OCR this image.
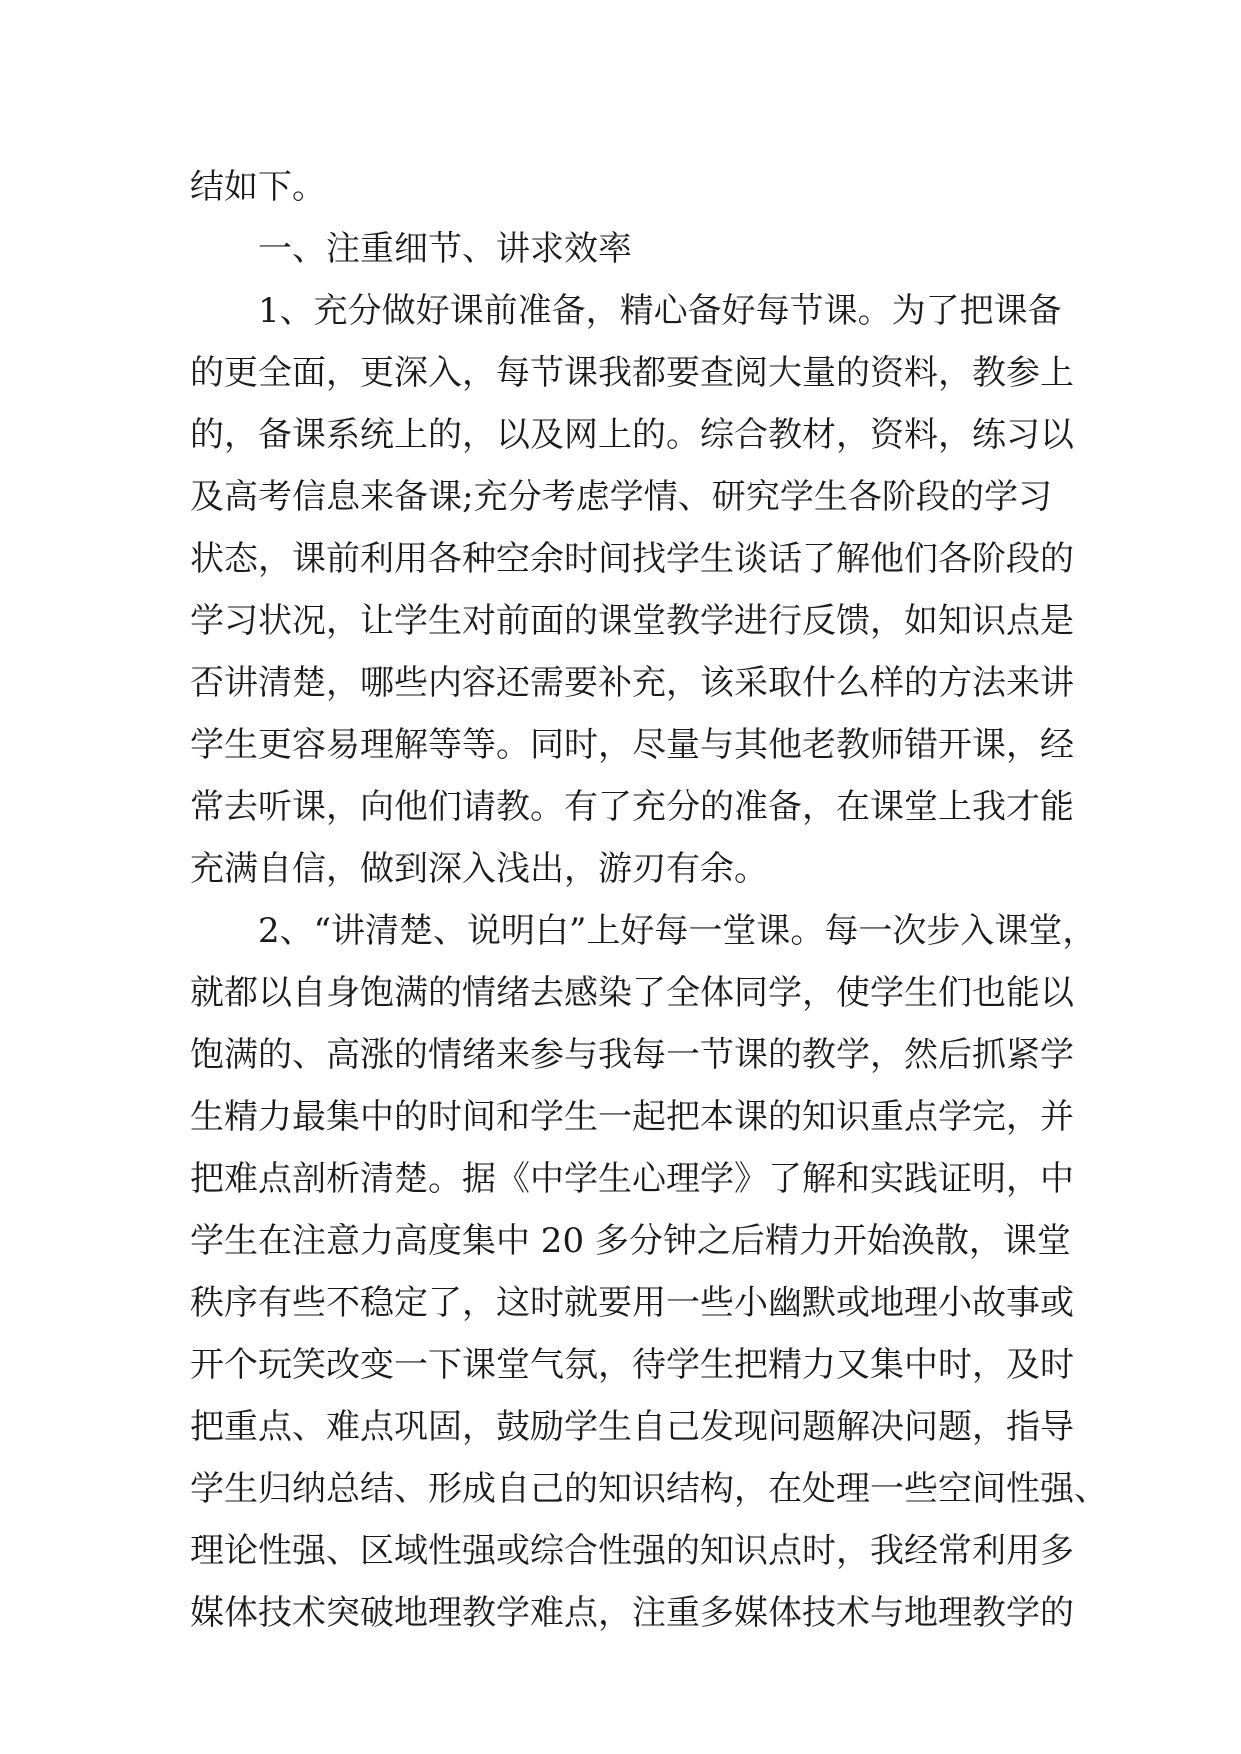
结如下。
一、注重细节、讲求效率
1、充分做好课前准备，精心备好每节课。为了把课备
的更全面，更深入，每节课我都要查阅大量的资料，教参上
的，备课系统上的，以及网上的。综合教材，资料，练习以
及高考信息来备课;充分考虑学情、研究学生各阶段的学习
状态，课前利用各种空余时间找学生谈话了解他们各阶段的
学习状况，让学生对前面的课堂教学进行反馈，如知识点是
否讲清楚，哪些内容还需要补充，该采取什么样的方法来讲
学生更容易理解等等。同时，尽量与其他老教师错开课，经
常去听课，向他们请教。有了充分的准备，在课堂上我才能
充满自信，做到深入浅出，游刃有余。
2、“讲清楚、说明白”上好每一堂课。每一次步入课堂，
就都以自身饱满的情绪去感染了全体同学，使学生们也能以
饱满的、高涨的情绪来参与我每一节课的教学，然后抓紧学
生精力最集中的时间和学生一起把本课的知识重点学完，并
把难点剖析清楚。据《中学生心理学》了解和实践证明，中
学生在注意力高度集中 20 多分钟之后精力开始涣散，课堂
秩序有些不稳定了，这时就要用一些小幽默或地理小故事或
开个玩笑改变一下课堂气氛，待学生把精力又集中时，及时
把重点、难点巩固，鼓励学生自己发现问题解决问题，指导
学生归纳总结、形成自己的知识结构，在处理一些空间性强、
理论性强、区域性强或综合性强的知识点时，我经常利用多
媒体技术突破地理教学难点，注重多媒体技术与地理教学的
